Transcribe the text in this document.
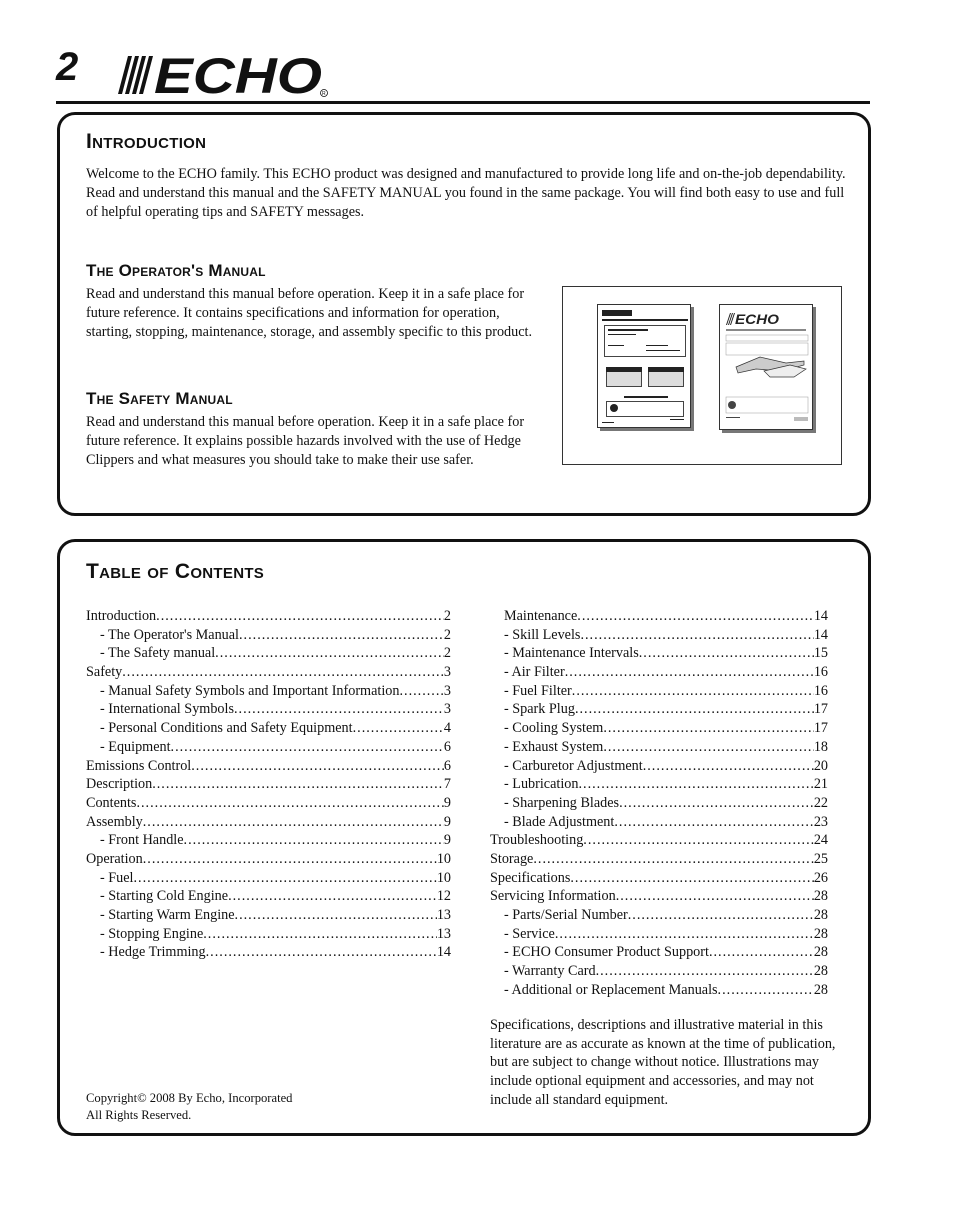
2 ECHO R
Introduction

Welcome to the ECHO family. This ECHO product was designed and manufactured to provide long life and on-the-job dependability. Read and understand this manual and the SAFETY MANUAL you found in the same package. You will find both easy to use and full of helpful operating tips and SAFETY messages.

The Operator's Manual

Read and understand this manual before operation. Keep it in a safe place for future reference. It contains specifications and information for operation, starting, stopping, maintenance, storage, and assembly specific to this product.

The Safety Manual

Read and understand this manual before operation. Keep it in a safe place for future reference. It explains possible hazards involved with the use of Hedge Clippers and what measures you should take to make their use safer.

ECHO
Table of Contents
Introduction .....	2
- The Operator's Manual .....	2
- The Safety manual .....	2
Safety .....	3
- Manual Safety Symbols and Important Information .....	3
- International Symbols .....	3
- Personal Conditions and Safety Equipment .....	4
- Equipment .....	6
Emissions Control .....	6
Description .....	7
Contents .....	9
Assembly .....	9
- Front Handle .....	9
Operation .....	10
- Fuel .....	10
- Starting Cold Engine .....	12
- Starting Warm Engine .....	13
- Stopping Engine .....	13
- Hedge Trimming .....	14
Maintenance .....	14
- Skill Levels .....	14
- Maintenance Intervals .....	15
- Air Filter .....	16
- Fuel Filter .....	16
- Spark Plug .....	17
- Cooling System .....	17
- Exhaust System .....	18
- Carburetor Adjustment .....	20
- Lubrication .....	21
- Sharpening Blades .....	22
- Blade Adjustment .....	23
Troubleshooting .....	24
Storage .....	25
Specifications .....	26
Servicing Information .....	28
- Parts/Serial Number .....	28
- Service .....	28
- ECHO Consumer Product Support .....	28
- Warranty Card .....	28
- Additional or Replacement Manuals .....	28

Specifications, descriptions and illustrative material in this literature are as accurate as known at the time of publication, but are subject to change without notice. Illustrations may include optional equipment and accessories, and may not include all standard equipment.

Copyright© 2008 By Echo, Incorporated
All Rights Reserved.
